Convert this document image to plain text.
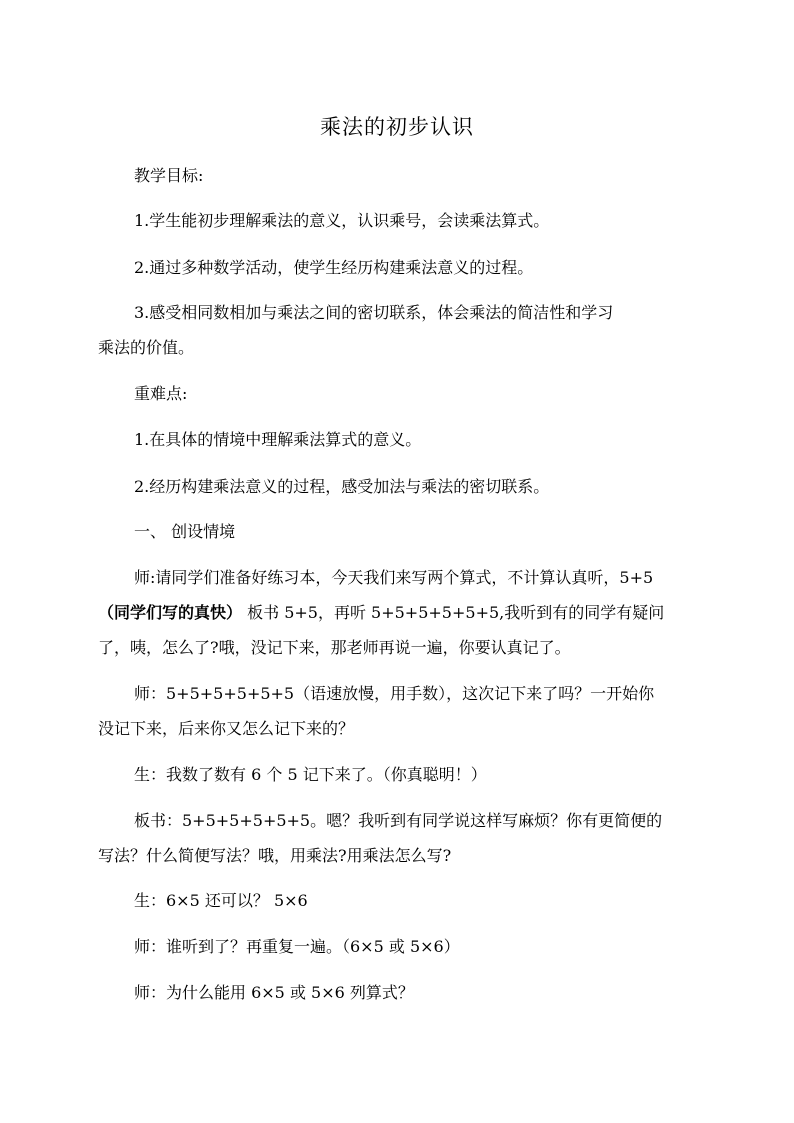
乘法的初步认识
教学目标:
1.学生能初步理解乘法的意义，认识乘号，会读乘法算式。
2.通过多种数学活动，使学生经历构建乘法意义的过程。
3.感受相同数相加与乘法之间的密切联系，体会乘法的简洁性和学习
乘法的价值。
重难点:
1.在具体的情境中理解乘法算式的意义。
2.经历构建乘法意义的过程，感受加法与乘法的密切联系。
一、 创设情境
师:请同学们准备好练习本，今天我们来写两个算式，不计算认真听，5+5
（同学们写的真快） 板书 5+5，再听 5+5+5+5+5+5,我听到有的同学有疑问
了，咦，怎么了?哦，没记下来，那老师再说一遍，你要认真记了。
师：5+5+5+5+5+5（语速放慢，用手数），这次记下来了吗？一开始你
没记下来，后来你又怎么记下来的？
生：我数了数有 6 个 5 记下来了。（你真聪明！）
板书：5+5+5+5+5+5。嗯？我听到有同学说这样写麻烦？你有更简便的
写法？什么简便写法？哦，用乘法?用乘法怎么写?
生：6×5 还可以？ 5×6
师：谁听到了？再重复一遍。（6×5 或 5×6）
师：为什么能用 6×5 或 5×6 列算式？
